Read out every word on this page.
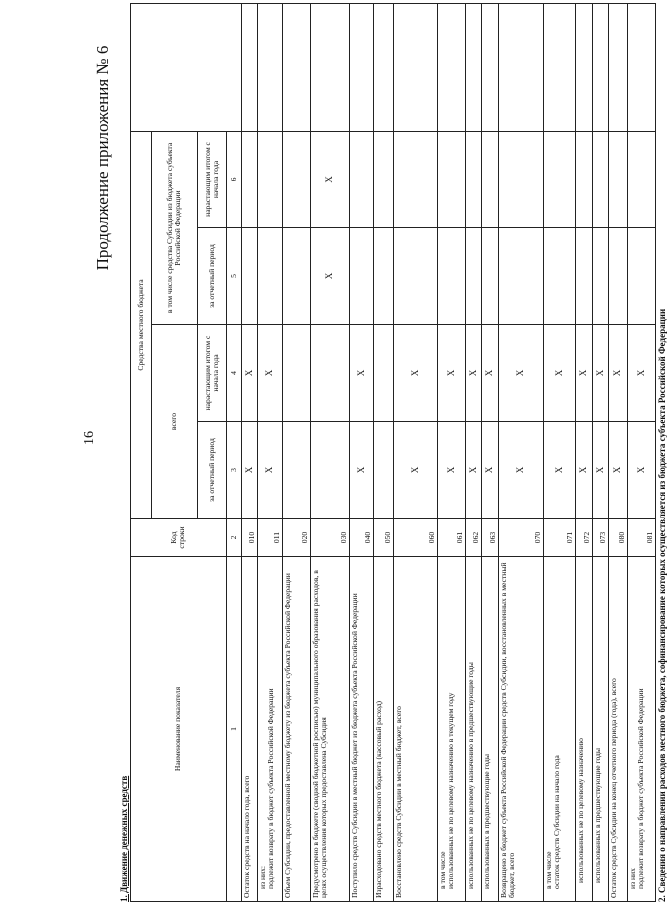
16
Продолжение приложения № 6
1. Движение денежных средств
Наименование показателя	Код строки	Средства местного бюджета				
		всего		в том числе средства Субсидии из бюджета субъекта Российской Федерации		
		за отчетный период	нарастающим итогом с начала года	за отчетный период	нарастающим итогом с начала года	
1	2	3	4	5	6	
Остаток средств на начало года, всего	010	X	X			
из них:
подлежит возврату в бюджет субъекта Российской Федерации	011	X	X			
Объем Субсидии, предоставленной местному бюджету из бюджета субъекта Российской Федерации	020					
Предусмотрено в бюджете (сводной бюджетной росписью) муниципального образования расходов, в целях осуществления которых предоставлена Субсидия	030			X	X	
Поступило средств Субсидии в местный бюджет из бюджета субъекта Российской Федерации	040	X	X			
Израсходовано средств местного бюджета (кассовый расход)	050					
Восстановлено средств Субсидии в местный бюджет, всего	060	X	X			
в том числе
использованных не по целевому назначению в текущем году	061	X	X			
использованных не по целевому назначению в предшествующие годы	062	X	X			
использованных в предшествующие годы	063	X	X			
Возвращено в бюджет субъекта Российской Федерации средств Субсидии, восстановленных в местный бюджет, всего	070	X	X			
в том числе
остаток средств Субсидии на начало года	071	X	X			
использованных не по целевому назначению	072	X	X			
использованных в предшествующие годы	073	X	X			
Остаток средств Субсидии на конец отчетного периода (года), всего	080	X	X			
из них
подлежит возврату в бюджет субъекта Российской Федерации	081	X	X			2. Сведения о направлении расходов местного бюджета, софинансирование которых осуществляется из бюджета субъекта Российской Федерации
